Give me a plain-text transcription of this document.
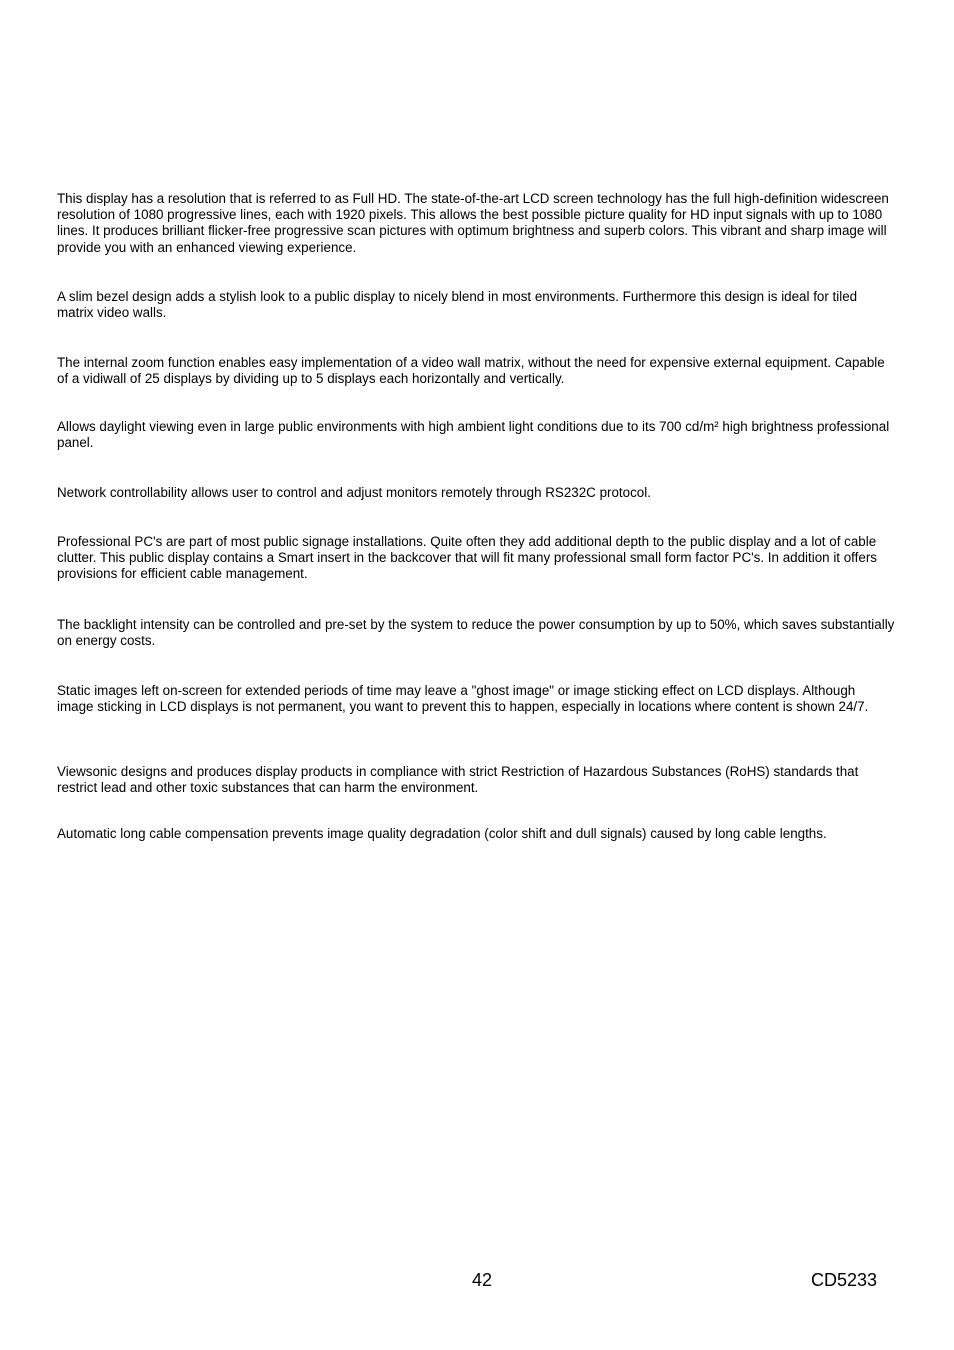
This display has a resolution that is referred to as Full HD. The state-of-the-art LCD screen technology has the full high-definition widescreen resolution of 1080 progressive lines, each with 1920 pixels. This allows the best possible picture quality for HD input signals with up to 1080 lines. It produces brilliant flicker-free progressive scan pictures with optimum brightness and superb colors. This vibrant and sharp image will provide you with an enhanced viewing experience.

A slim bezel design adds a stylish look to a public display to nicely blend in most environments. Furthermore this design is ideal for tiled matrix video walls.

The internal zoom function enables easy implementation of a video wall matrix, without the need for expensive external equipment. Capable of a vidiwall of 25 displays by dividing up to 5 displays each horizontally and vertically.

Allows daylight viewing even in large public environments with high ambient light conditions due to its 700 cd/m² high brightness professional panel.

Network controllability allows user to control and adjust monitors remotely through RS232C protocol.

Professional PC's are part of most public signage installations. Quite often they add additional depth to the public display and a lot of cable clutter. This public display contains a Smart insert in the backcover that will fit many professional small form factor PC's. In addition it offers provisions for efficient cable management.

The backlight intensity can be controlled and pre-set by the system to reduce the power consumption by up to 50%, which saves substantially on energy costs.

Static images left on-screen for extended periods of time may leave a "ghost image" or image sticking effect on LCD displays. Although image sticking in LCD displays is not permanent, you want to prevent this to happen, especially in locations where content is shown 24/7.

Viewsonic designs and produces display products in compliance with strict Restriction of Hazardous Substances (RoHS) standards that restrict lead and other toxic substances that can harm the environment.

Automatic long cable compensation prevents image quality degradation (color shift and dull signals) caused by long cable lengths.

42	CD5233
